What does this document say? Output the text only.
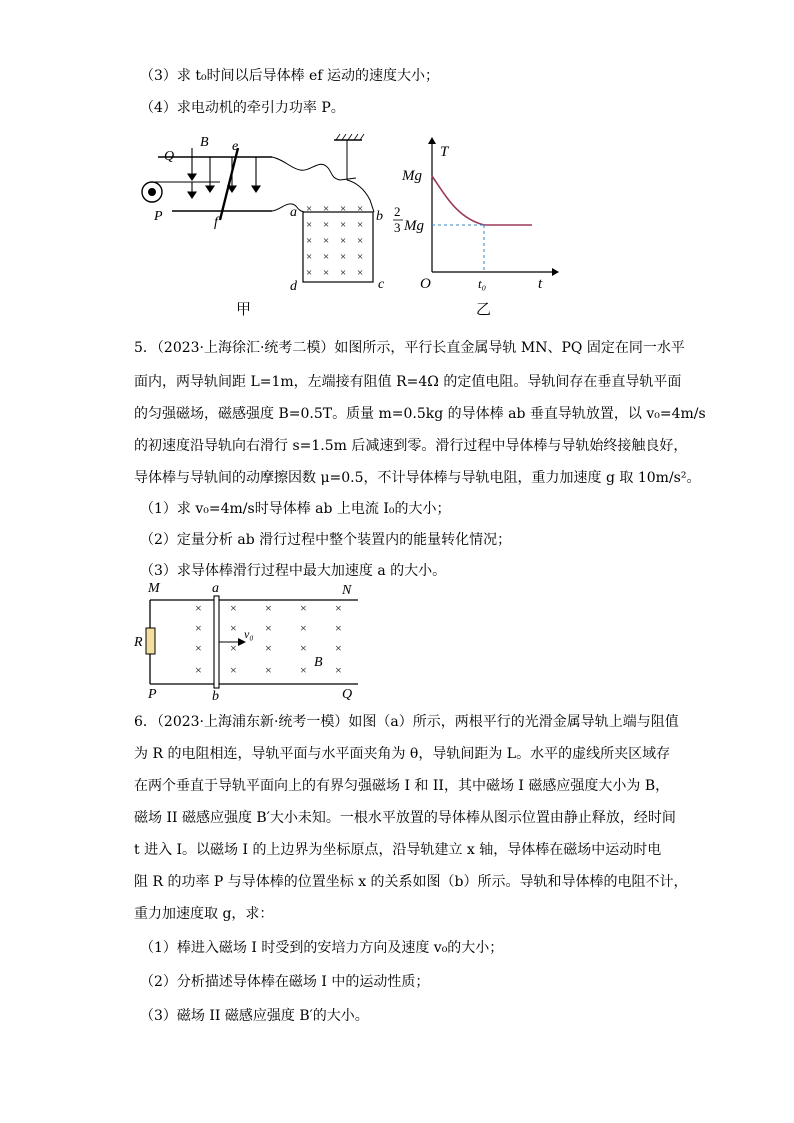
（3）求 t₀时间以后导体棒 ef 运动的速度大小；
（4）求电动机的牵引力功率 P。
× × × ×
× × × ×
× × × ×
× × × ×
× × × ×
Q
B e
P	f
a	b
c
d
甲
T
t
O
Mg
Mg
t₀
2
3
乙
5．（2023·上海徐汇·统考二模）如图所示，平行长直金属导轨 MN、PQ 固定在同一水平
面内，两导轨间距 L=1m，左端接有阻值 R=4Ω 的定值电阻。导轨间存在垂直导轨平面
的匀强磁场，磁感强度 B=0.5T。质量 m=0.5kg 的导体棒 ab 垂直导轨放置，以 v₀=4m/s
的初速度沿导轨向右滑行 s=1.5m 后减速到零。滑行过程中导体棒与导轨始终接触良好，
导体棒与导轨间的动摩擦因数 μ=0.5，不计导体棒与导轨电阻，重力加速度 g 取 10m/s²。
（1）求 v₀=4m/s时导体棒 ab 上电流 I₀的大小；
（2）定量分析 ab 滑行过程中整个装置内的能量转化情况；
（3）求导体棒滑行过程中最大加速度 a 的大小。
× × × × ×
× × × × ×
× × × × ×
× × × × ×
M	N
P	Q
R
a
b
v₀
B
6．（2023·上海浦东新·统考一模）如图（a）所示，两根平行的光滑金属导轨上端与阻值
为 R 的电阻相连，导轨平面与水平面夹角为 θ，导轨间距为 L。水平的虚线所夹区域存
在两个垂直于导轨平面向上的有界匀强磁场 I 和 II，其中磁场 I 磁感应强度大小为 B，
磁场 II 磁感应强度 B′大小未知。一根水平放置的导体棒从图示位置由静止释放，经时间
t 进入 I。以磁场 I 的上边界为坐标原点，沿导轨建立 x 轴，导体棒在磁场中运动时电
阻 R 的功率 P 与导体棒的位置坐标 x 的关系如图（b）所示。导轨和导体棒的电阻不计，
重力加速度取 g，求：
（1）棒进入磁场 I 时受到的安培力方向及速度 v₀的大小；
（2）分析描述导体棒在磁场 I 中的运动性质；
（3）磁场 II 磁感应强度 B′的大小。
